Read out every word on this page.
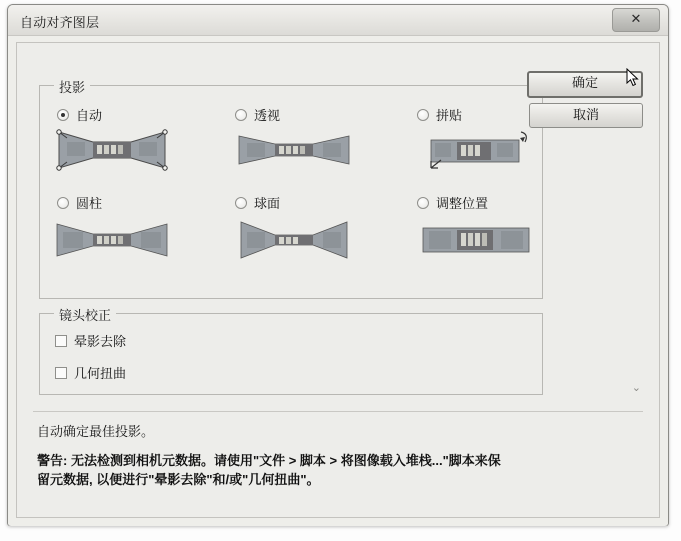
自动对齐图层	✕
投影
自动	透视	拼贴
圆柱	球面	调整位置
镜头校正
晕影去除
几何扭曲
⌄
自动确定最佳投影。
警告: 无法检测到相机元数据。请使用"文件 > 脚本 > 将图像载入堆栈..."脚本来保留元数据, 以便进行"晕影去除"和/或"几何扭曲"。
确定
取消
